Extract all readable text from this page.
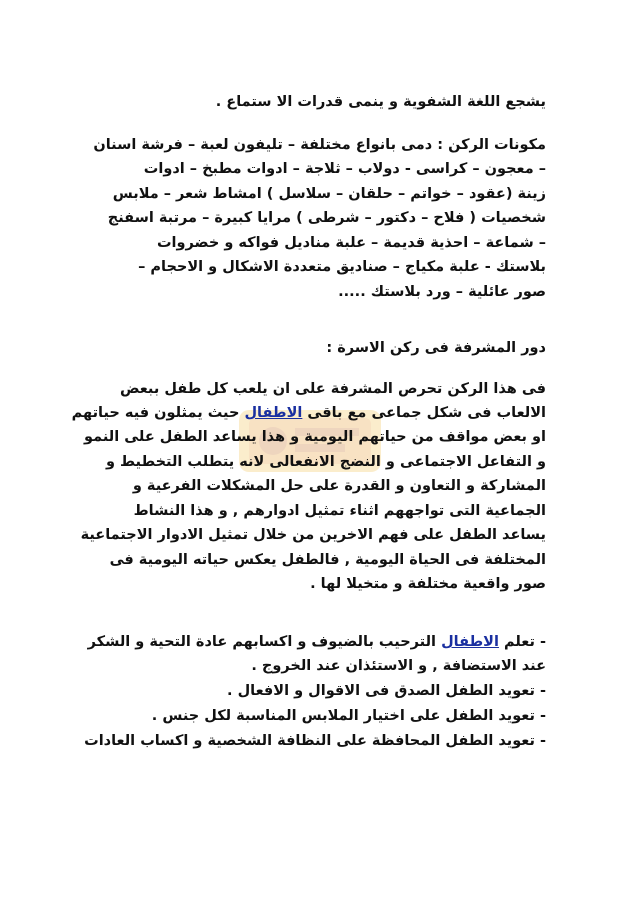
يشجع اللغة الشفوية و ينمى قدرات الا ستماع .
مكونات الركن : دمى بانواع مختلفة – تليفون لعبة – فرشة اسنان
– معجون – كراسى - دولاب – ثلاجة – ادوات مطبخ – ادوات
زينة (عقود – خواتم – حلقان – سلاسل ) امشاط شعر – ملابس
شخصيات ( فلاح – دكتور – شرطى ) مرايا كبيرة – مرتبة اسفنج
– شماعة – احذية قديمة – علبة مناديل فواكه و خضروات
بلاستك - علبة مكياج – صناديق متعددة الاشكال و الاحجام –
صور عائلية – ورد بلاستك .....
دور المشرفة فى ركن الاسرة :
فى هذا الركن تحرص المشرفة على ان يلعب كل طفل ببعض
الالعاب فى شكل جماعى مع باقى الاطفال حيث يمثلون فيه حياتهم
او بعض مواقف من حياتهم اليومية و هذا يساعد الطفل على النمو
و التفاعل الاجتماعى و النضج الانفعالى لانه يتطلب التخطيط و
المشاركة و التعاون و القدرة على حل المشكلات الفرعية و
الجماعية التى تواجههم اثناء تمثيل ادوارهم , و هذا النشاط
يساعد الطفل على فهم الاخرين من خلال تمثيل الادوار الاجتماعية
المختلفة فى الحياة اليومية , فالطفل يعكس حياته اليومية فى
صور واقعية مختلفة و متخيلا لها .
- تعلم الاطفال الترحيب بالضيوف و اكسابهم عادة التحية و الشكر
عند الاستضافة , و الاستئذان عند الخروج .
- تعويد الطفل الصدق فى الاقوال و الافعال .
- تعويد الطفل على اختيار الملابس المناسبة لكل جنس .
- تعويد الطفل المحافظة على النظافة الشخصية و اكساب العادات
